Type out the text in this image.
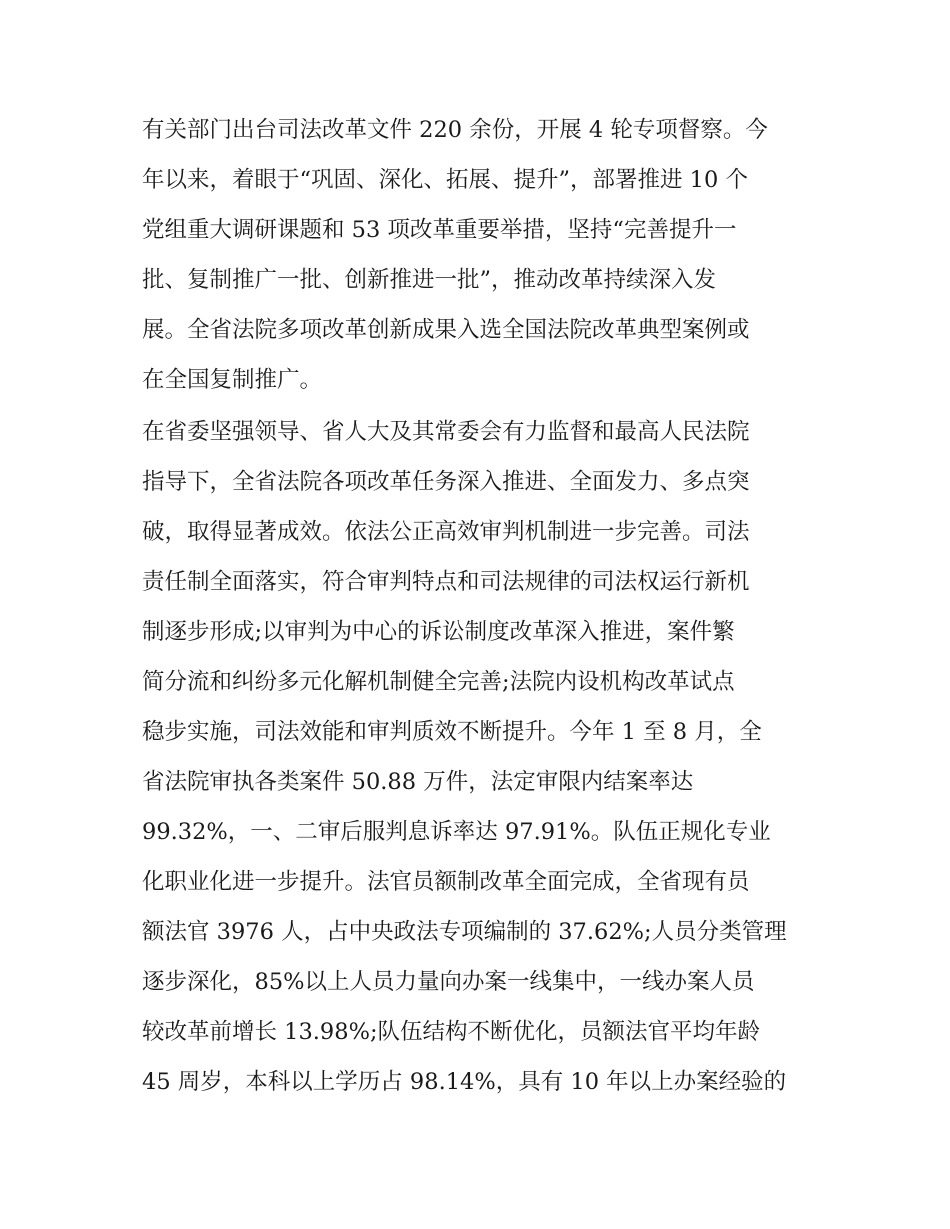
有关部门出台司法改革文件 220 余份，开展 4 轮专项督察。今
年以来，着眼于“巩固、深化、拓展、提升”，部署推进 10 个
党组重大调研课题和 53 项改革重要举措，坚持“完善提升一
批、复制推广一批、创新推进一批”，推动改革持续深入发
展。全省法院多项改革创新成果入选全国法院改革典型案例或
在全国复制推广。
在省委坚强领导、省人大及其常委会有力监督和最高人民法院
指导下，全省法院各项改革任务深入推进、全面发力、多点突
破，取得显著成效。依法公正高效审判机制进一步完善。司法
责任制全面落实，符合审判特点和司法规律的司法权运行新机
制逐步形成;以审判为中心的诉讼制度改革深入推进，案件繁
简分流和纠纷多元化解机制健全完善;法院内设机构改革试点
稳步实施，司法效能和审判质效不断提升。今年 1 至 8 月，全
省法院审执各类案件 50.88 万件，法定审限内结案率达
99.32%，一、二审后服判息诉率达 97.91%。队伍正规化专业
化职业化进一步提升。法官员额制改革全面完成，全省现有员
额法官 3976 人，占中央政法专项编制的 37.62%;人员分类管理
逐步深化，85%以上人员力量向办案一线集中，一线办案人员
较改革前增长 13.98%;队伍结构不断优化，员额法官平均年龄
45 周岁，本科以上学历占 98.14%，具有 10 年以上办案经验的
